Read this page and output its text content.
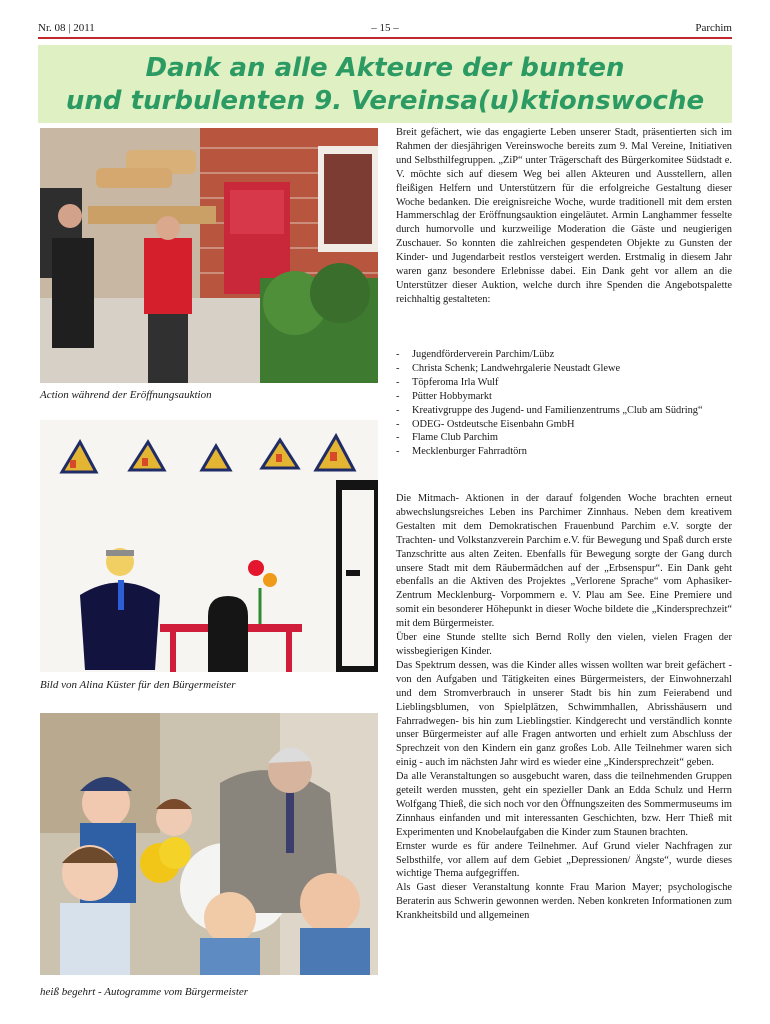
Nr. 08 | 2011	– 15 –	Parchim
Dank an alle Akteure der bunten
und turbulenten 9. Vereinsa(u)ktionswoche
Action während der Eröffnungsauktion
Bild von Alina Küster für den Bürgermeister
heiß begehrt - Autogramme vom Bürgermeister

Breit gefächert, wie das engagierte Leben unserer Stadt, präsentierten sich im Rahmen der diesjährigen Vereinswoche bereits zum 9. Mal Vereine, Initiativen und Selbsthilfegruppen. „ZiP“ unter Trägerschaft des Bürgerkomitee Südstadt e. V. möchte sich auf diesem Weg bei allen Akteuren und Ausstellern, allen fleißigen Helfern und Unterstützern für die erfolgreiche Gestaltung dieser Woche bedanken. Die ereignisreiche Woche, wurde traditionell mit dem ersten Hammerschlag der Eröffnungsauktion eingeläutet. Armin Langhammer fesselte durch humorvolle und kurzweilige Moderation die Gäste und neugierigen Zuschauer. So konnten die zahlreichen gespendeten Objekte zu Gunsten der Kinder- und Jugendarbeit restlos versteigert werden. Erstmalig in diesem Jahr waren ganz besondere Erlebnisse dabei. Ein Dank geht vor allem an die Unterstützer dieser Auktion, welche durch ihre Spenden die Angebotspalette reichhaltig gestalteten:

-	Jugendförderverein Parchim/Lübz
-	Christa Schenk; Landwehrgalerie Neustadt Glewe
-	Töpferoma Irla Wulf
-	Pütter Hobbymarkt
-	Kreativgruppe des Jugend- und Familienzentrums „Club am Südring“
-	ODEG- Ostdeutsche Eisenbahn GmbH
-	Flame Club Parchim
-	Mecklenburger Fahrradtörn

Die Mitmach- Aktionen in der darauf folgenden Woche brachten erneut abwechslungsreiches Leben ins Parchimer Zinnhaus. Neben dem kreativem Gestalten mit dem Demokratischen Frauenbund Parchim e.V. sorgte der Trachten- und Volkstanzverein Parchim e.V. für Bewegung und Spaß durch erste Tanzschritte aus alten Zeiten. Ebenfalls für Bewegung sorgte der Gang durch unsere Stadt mit dem Räubermädchen auf der „Erbsenspur“. Ein Dank geht ebenfalls an die Aktiven des Projektes „Verlorene Sprache“ vom Aphasiker-Zentrum Mecklenburg- Vorpommern e. V. Plau am See. Eine Premiere und somit ein besonderer Höhepunkt in dieser Woche bildete die „Kindersprechzeit“ mit dem Bürgermeister.

Über eine Stunde stellte sich Bernd Rolly den vielen, vielen Fragen der wissbegierigen Kinder.

Das Spektrum dessen, was die Kinder alles wissen wollten war breit gefächert - von den Aufgaben und Tätigkeiten eines Bürgermeisters, der Einwohnerzahl und dem Stromverbrauch in unserer Stadt bis hin zum Feierabend und Lieblingsblumen, von Spielplätzen, Schwimmhallen, Abrisshäusern und Fahrradwegen- bis hin zum Lieblingstier. Kindgerecht und verständlich konnte unser Bürgermeister auf alle Fragen antworten und erhielt zum Abschluss der Sprechzeit von den Kindern ein ganz großes Lob. Alle Teilnehmer waren sich einig - auch im nächsten Jahr wird es wieder eine „Kindersprechzeit“ geben.

Da alle Veranstaltungen so ausgebucht waren, dass die teilnehmenden Gruppen geteilt werden mussten, geht ein spezieller Dank an Edda Schulz und Herrn Wolfgang Thieß, die sich noch vor den Öffnungszeiten des Sommermuseums im Zinnhaus einfanden und mit interessanten Geschichten, bzw. Herr Thieß mit Experimenten und Knobelaufgaben die Kinder zum Staunen brachten.

Ernster wurde es für andere Teilnehmer. Auf Grund vieler Nachfragen zur Selbsthilfe, vor allem auf dem Gebiet „Depressionen/ Ängste“, wurde dieses wichtige Thema aufgegriffen.

Als Gast dieser Veranstaltung konnte Frau Marion Mayer; psychologische Beraterin aus Schwerin gewonnen werden. Neben konkreten Informationen zum Krankheitsbild und allgemeinen
